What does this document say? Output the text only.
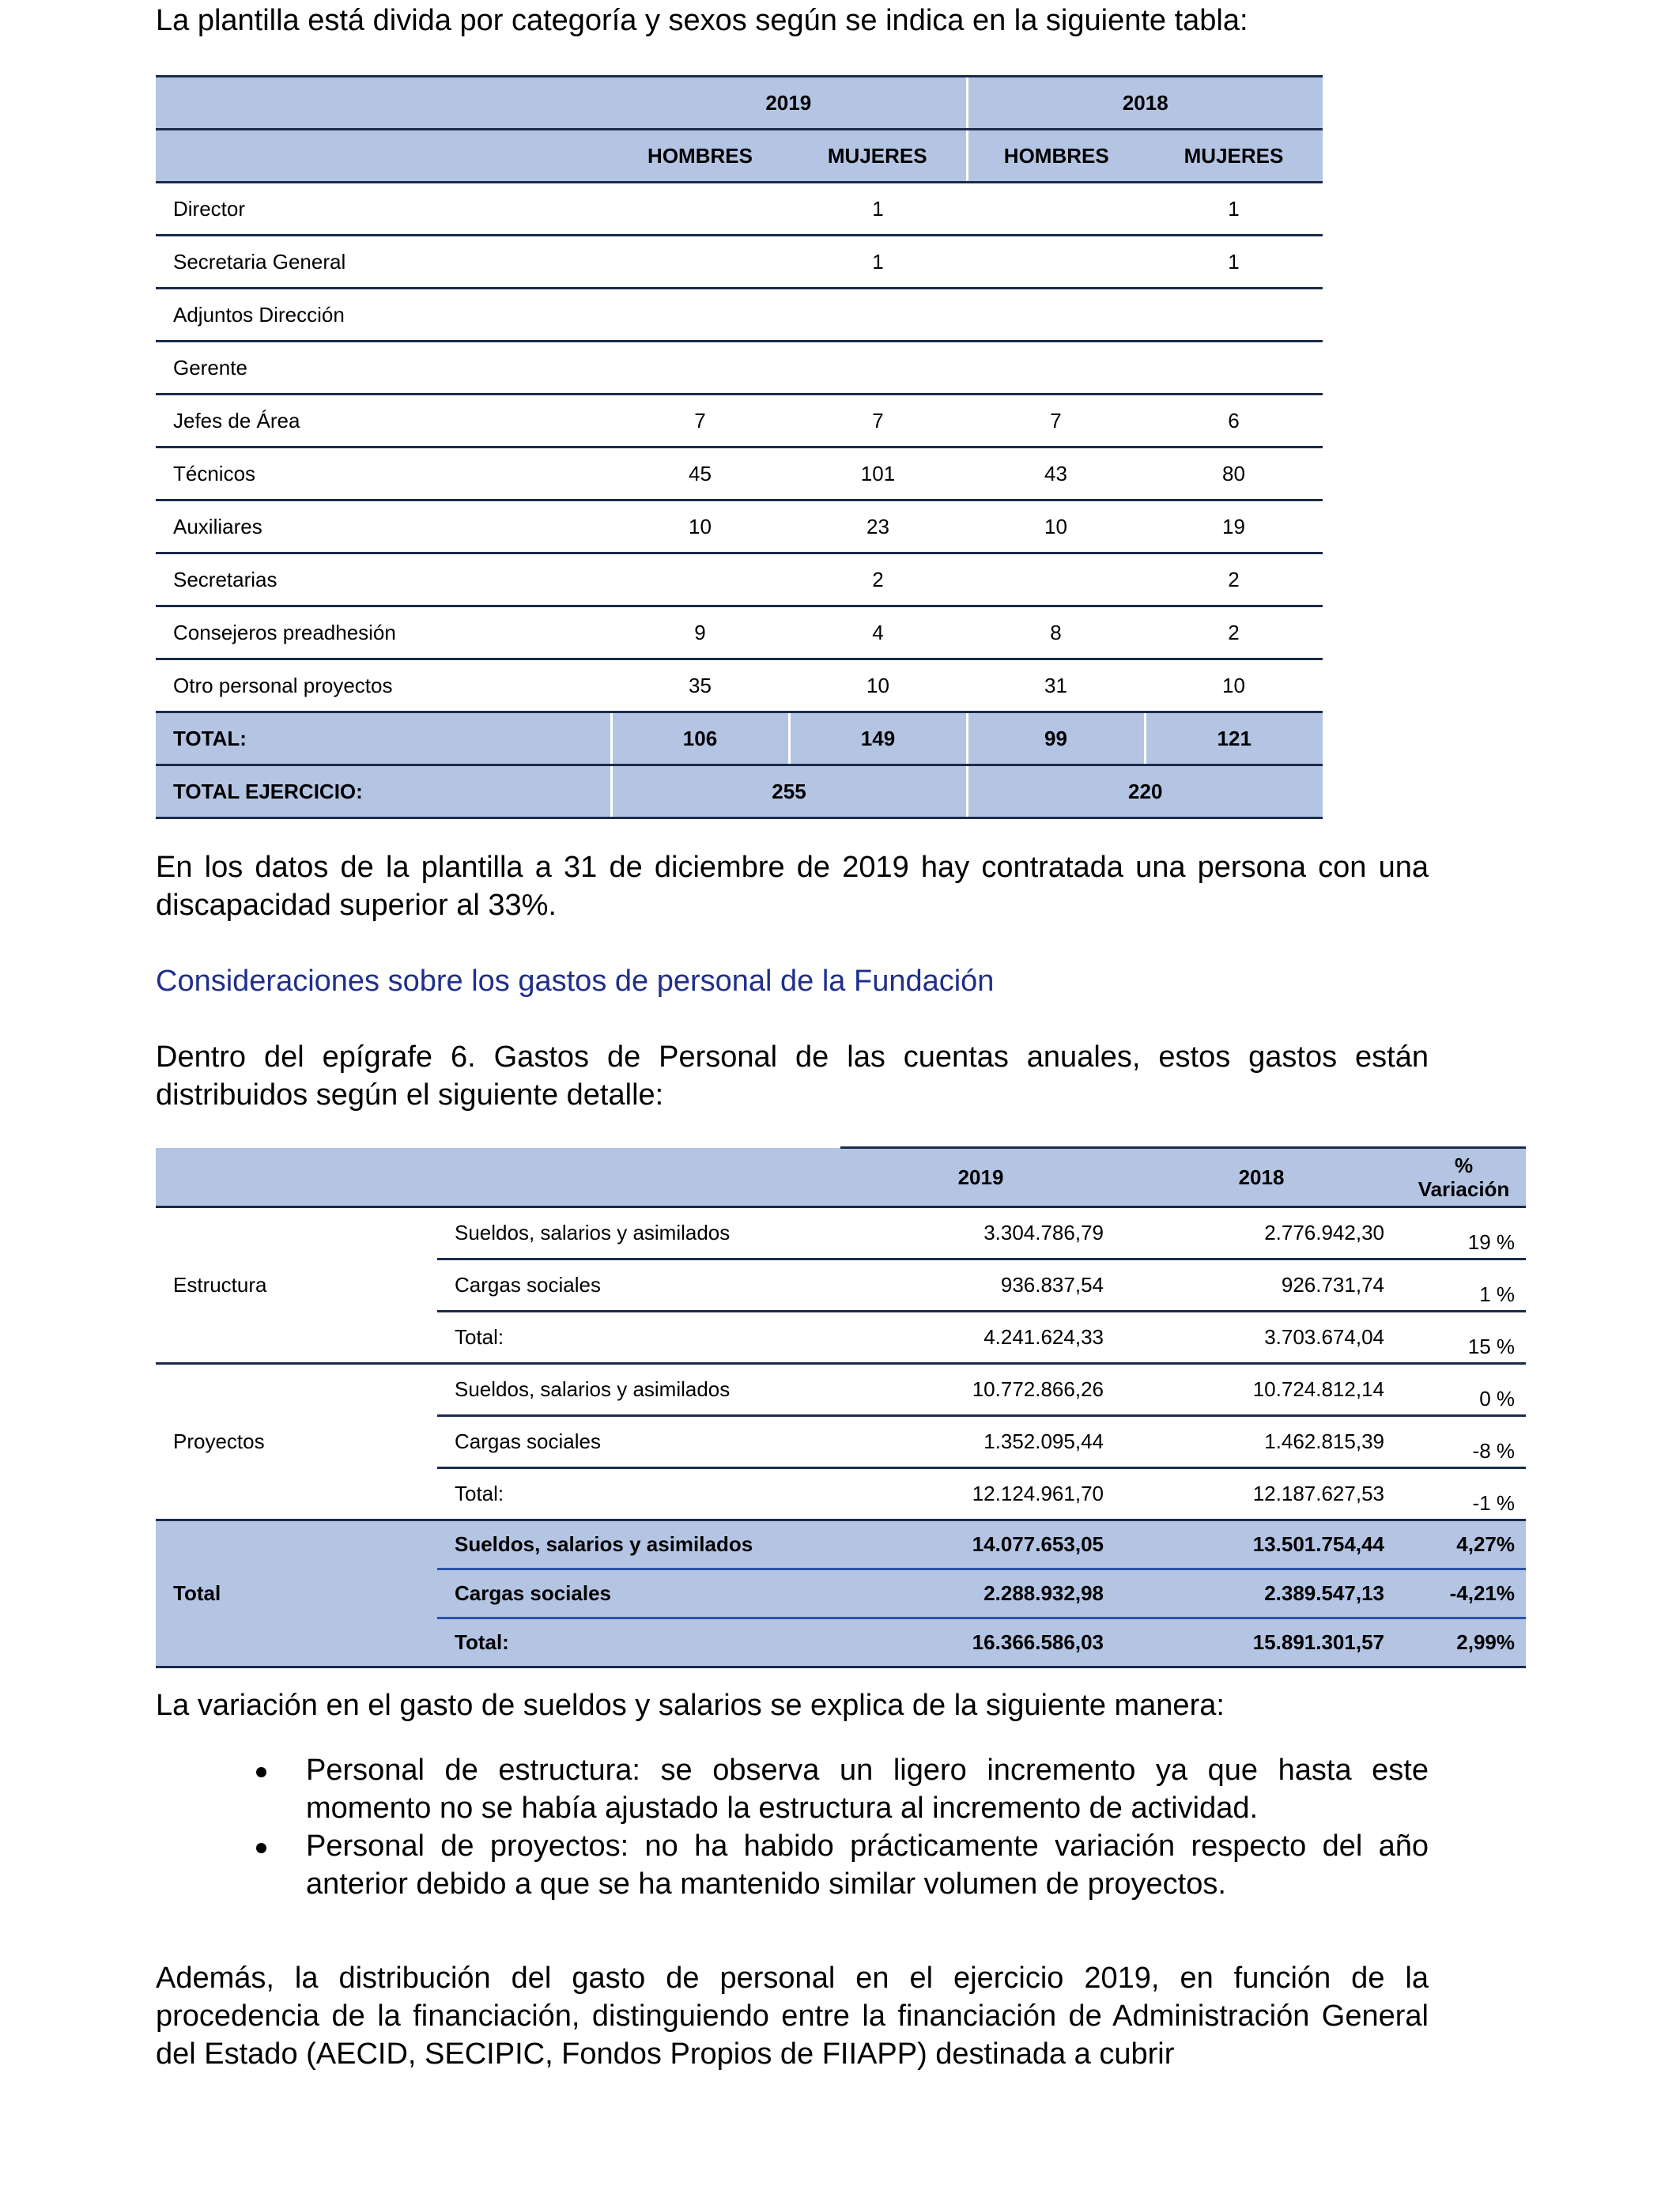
La plantilla está divida por categoría y sexos según se indica en la siguiente tabla:

	2019		2018	
	HOMBRES	MUJERES	HOMBRES	MUJERES
Director		1		1
Secretaria General		1		1
Adjuntos Dirección				
Gerente				
Jefes de Área	7	7	7	6
Técnicos	45	101	43	80
Auxiliares	10	23	10	19
Secretarias		2		2
Consejeros preadhesión	9	4	8	2
Otro personal proyectos	35	10	31	10
TOTAL:	106	149	99	121
TOTAL EJERCICIO:	255		220	

En los datos de la plantilla a 31 de diciembre de 2019 hay contratada una persona con una discapacidad superior al 33%.

Consideraciones sobre los gastos de personal de la Fundación

Dentro del epígrafe 6. Gastos de Personal de las cuentas anuales, estos gastos están distribuidos según el siguiente detalle:

		2019	2018	%
Variación
Estructura	Sueldos, salarios y asimilados	3.304.786,79	2.776.942,30	19 %
	Cargas sociales	936.837,54	926.731,74	1 %
	Total:	4.241.624,33	3.703.674,04	15 %
Proyectos	Sueldos, salarios y asimilados	10.772.866,26	10.724.812,14	0 %
	Cargas sociales	1.352.095,44	1.462.815,39	-8 %
	Total:	12.124.961,70	12.187.627,53	-1 %
Total	Sueldos, salarios y asimilados	14.077.653,05	13.501.754,44	4,27%
	Cargas sociales	2.288.932,98	2.389.547,13	-4,21%
	Total:	16.366.586,03	15.891.301,57	2,99%

La variación en el gasto de sueldos y salarios se explica de la siguiente manera:

Personal de estructura: se observa un ligero incremento ya que hasta este momento no se había ajustado la estructura al incremento de actividad.
Personal de proyectos: no ha habido prácticamente variación respecto del año anterior debido a que se ha mantenido similar volumen de proyectos.

Además, la distribución del gasto de personal en el ejercicio 2019, en función de la procedencia de la financiación, distinguiendo entre la financiación de Administración General del Estado (AECID, SECIPIC, Fondos Propios de FIIAPP) destinada a cubrir
